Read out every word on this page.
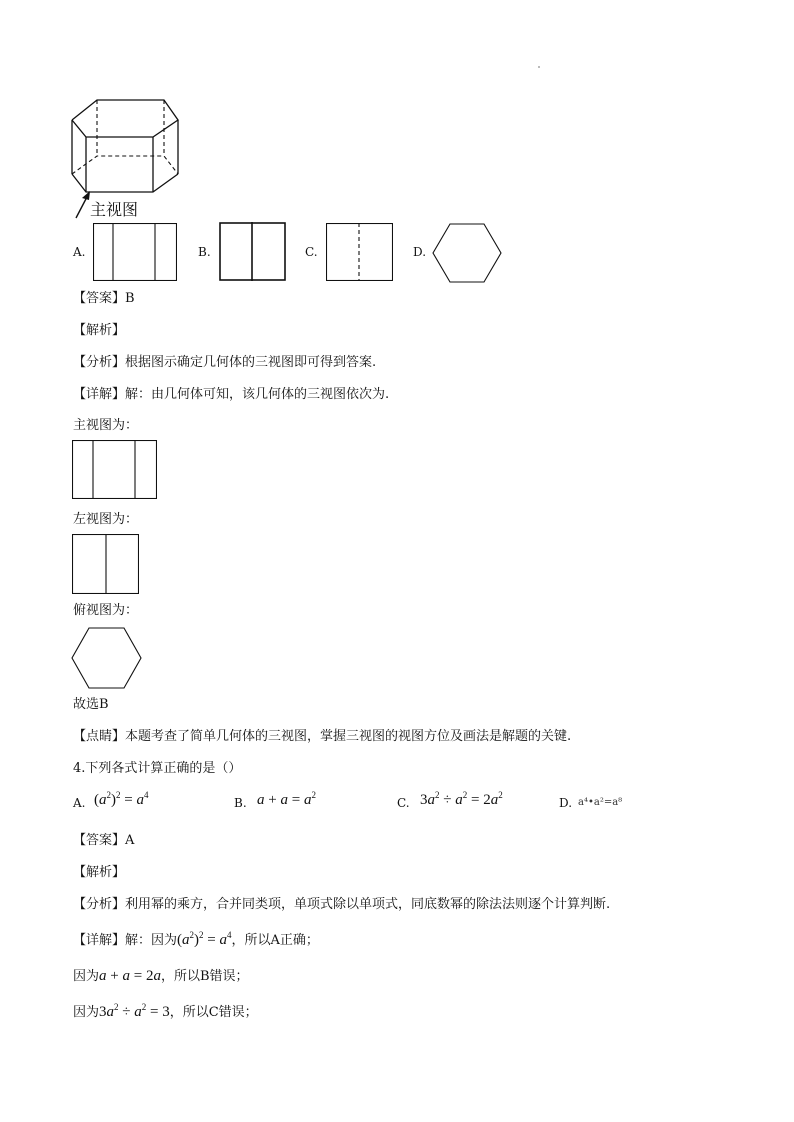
主视图
A.	B.	C.	D.
【答案】B
【解析】
【分析】根据图示确定几何体的三视图即可得到答案.
【详解】解：由几何体可知，该几何体的三视图依次为.
主视图为：
左视图为：
俯视图为：
故选B
【点睛】本题考查了简单几何体的三视图，掌握三视图的视图方位及画法是解题的关键.
4.下列各式计算正确的是（）
A. $(a^2)^2 = a^4$
B. $a + a = a^2$
C. $3a^2 \div a^2 = 2a^2$
D. a⁴•a²=a⁸
【答案】A
【解析】
【分析】利用幂的乘方，合并同类项，单项式除以单项式，同底数幂的除法法则逐个计算判断.
【详解】解：因为$(a^2)^2 = a^4$，所以A正确；
因为a + a = 2a，所以B错误；
因为$3a^2 \div a^2 = 3$，所以C错误；
